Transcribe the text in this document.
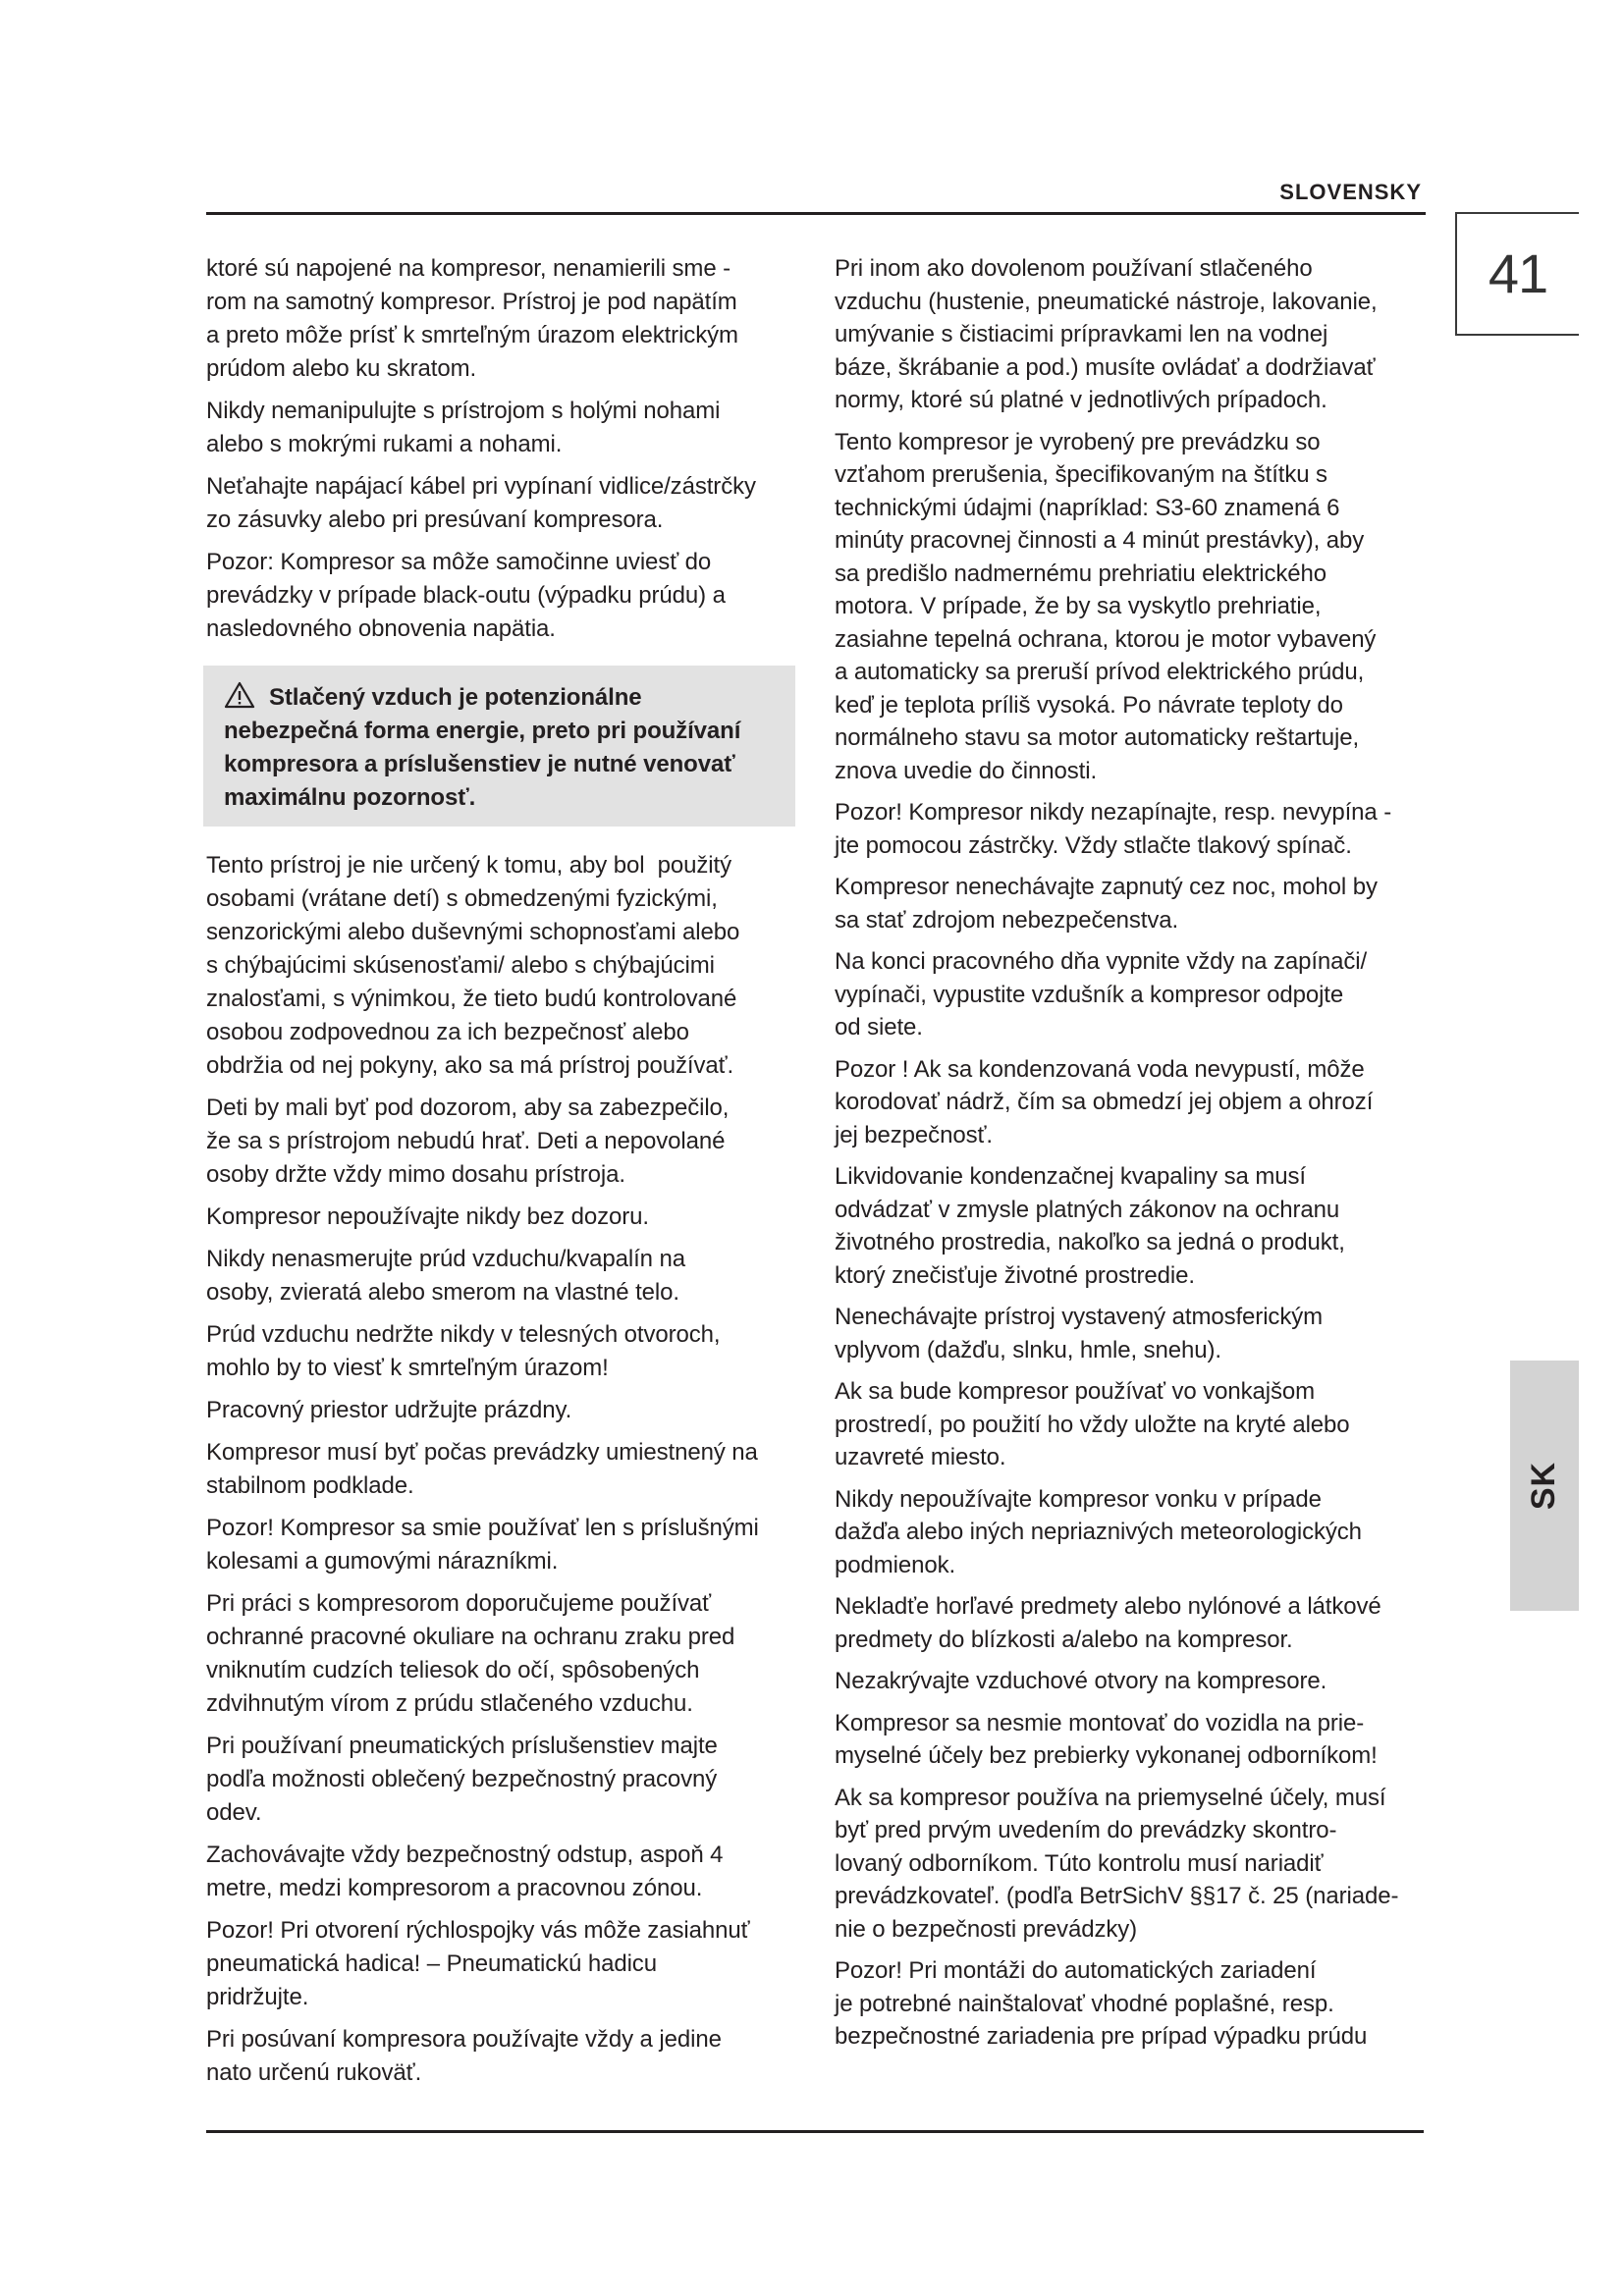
SLOVENSKY
41
SK
ktoré sú napojené na kompresor, nenamierili sme -
rom na samotný kompresor. Prístroj je pod napätím
a preto môže prísť k smrteľným úrazom elektrickým
prúdom alebo ku skratom.
Nikdy nemanipulujte s prístrojom s holými nohami
alebo s mokrými rukami a nohami.
Neťahajte napájací kábel pri vypínaní vidlice/zástrčky
zo zásuvky alebo pri presúvaní kompresora.
Pozor: Kompresor sa môže samočinne uviesť do
prevádzky v prípade black-outu (výpadku prúdu) a
nasledovného obnovenia napätia.
Stlačený vzduch je potenzionálne
nebezpečná forma energie, preto pri používaní
kompresora a príslušenstiev je nutné venovať
maximálnu pozornosť.
Tento prístroj je nie určený k tomu, aby bol  použitý
osobami (vrátane detí) s obmedzenými fyzickými,
senzorickými alebo duševnými schopnosťami alebo
s chýbajúcimi skúsenosťami/ alebo s chýbajúcimi
znalosťami, s výnimkou, že tieto budú kontrolované
osobou zodpovednou za ich bezpečnosť alebo
obdržia od nej pokyny, ako sa má prístroj používať.
Deti by mali byť pod dozorom, aby sa zabezpečilo,
že sa s prístrojom nebudú hrať. Deti a nepovolané
osoby držte vždy mimo dosahu prístroja.
Kompresor nepoužívajte nikdy bez dozoru.
Nikdy nenasmerujte prúd vzduchu/kvapalín na
osoby, zvieratá alebo smerom na vlastné telo.
Prúd vzduchu nedržte nikdy v telesných otvoroch,
mohlo by to viesť k smrteľným úrazom!
Pracovný priestor udržujte prázdny.
Kompresor musí byť počas prevádzky umiestnený na
stabilnom podklade.
Pozor! Kompresor sa smie používať len s príslušnými
kolesami a gumovými nárazníkmi.
Pri práci s kompresorom doporučujeme používať
ochranné pracovné okuliare na ochranu zraku pred
vniknutím cudzích teliesok do očí, spôsobených
zdvihnutým vírom z prúdu stlačeného vzduchu.
Pri používaní pneumatických príslušenstiev majte
podľa možnosti oblečený bezpečnostný pracovný
odev.
Zachovávajte vždy bezpečnostný odstup, aspoň 4
metre, medzi kompresorom a pracovnou zónou.
Pozor! Pri otvorení rýchlospojky vás môže zasiahnuť
pneumatická hadica! – Pneumatickú hadicu
pridržujte.
Pri posúvaní kompresora používajte vždy a jedine
nato určenú rukoväť.
Pri inom ako dovolenom používaní stlačeného
vzduchu (hustenie, pneumatické nástroje, lakovanie,
umývanie s čistiacimi prípravkami len na vodnej
báze, škrábanie a pod.) musíte ovládať a dodržiavať
normy, ktoré sú platné v jednotlivých prípadoch.
Tento kompresor je vyrobený pre prevádzku so
vzťahom prerušenia, špecifikovaným na štítku s
technickými údajmi (napríklad: S3-60 znamená 6
minúty pracovnej činnosti a 4 minút prestávky), aby
sa predišlo nadmernému prehriatiu elektrického
motora. V prípade, že by sa vyskytlo prehriatie,
zasiahne tepelná ochrana, ktorou je motor vybavený
a automaticky sa preruší prívod elektrického prúdu,
keď je teplota príliš vysoká. Po návrate teploty do
normálneho stavu sa motor automaticky reštartuje,
znova uvedie do činnosti.
Pozor! Kompresor nikdy nezapínajte, resp. nevypína -
jte pomocou zástrčky. Vždy stlačte tlakový spínač.
Kompresor nenechávajte zapnutý cez noc, mohol by
sa stať zdrojom nebezpečenstva.
Na konci pracovného dňa vypnite vždy na zapínači/
vypínači, vypustite vzdušník a kompresor odpojte
od siete.
Pozor ! Ak sa kondenzovaná voda nevypustí, môže
korodovať nádrž, čím sa obmedzí jej objem a ohrozí
jej bezpečnosť.
Likvidovanie kondenzačnej kvapaliny sa musí
odvádzať v zmysle platných zákonov na ochranu
životného prostredia, nakoľko sa jedná o produkt,
ktorý znečisťuje životné prostredie.
Nenechávajte prístroj vystavený atmosferickým
vplyvom (dažďu, slnku, hmle, snehu).
Ak sa bude kompresor používať vo vonkajšom
prostredí, po použití ho vždy uložte na kryté alebo
uzavreté miesto.
Nikdy nepoužívajte kompresor vonku v prípade
dažďa alebo iných nepriaznivých meteorologických
podmienok.
Nekladťe horľavé predmety alebo nylónové a látkové
predmety do blízkosti a/alebo na kompresor.
Nezakrývajte vzduchové otvory na kompresore.
Kompresor sa nesmie montovať do vozidla na prie-
myselné účely bez prebierky vykonanej odborníkom!
Ak sa kompresor používa na priemyselné účely, musí
byť pred prvým uvedením do prevádzky skontro-
lovaný odborníkom. Túto kontrolu musí nariadiť
prevádzkovateľ. (podľa BetrSichV §§17 č. 25 (nariade-
nie o bezpečnosti prevádzky)
Pozor! Pri montáži do automatických zariadení
je potrebné nainštalovať vhodné poplašné, resp.
bezpečnostné zariadenia pre prípad výpadku prúdu
